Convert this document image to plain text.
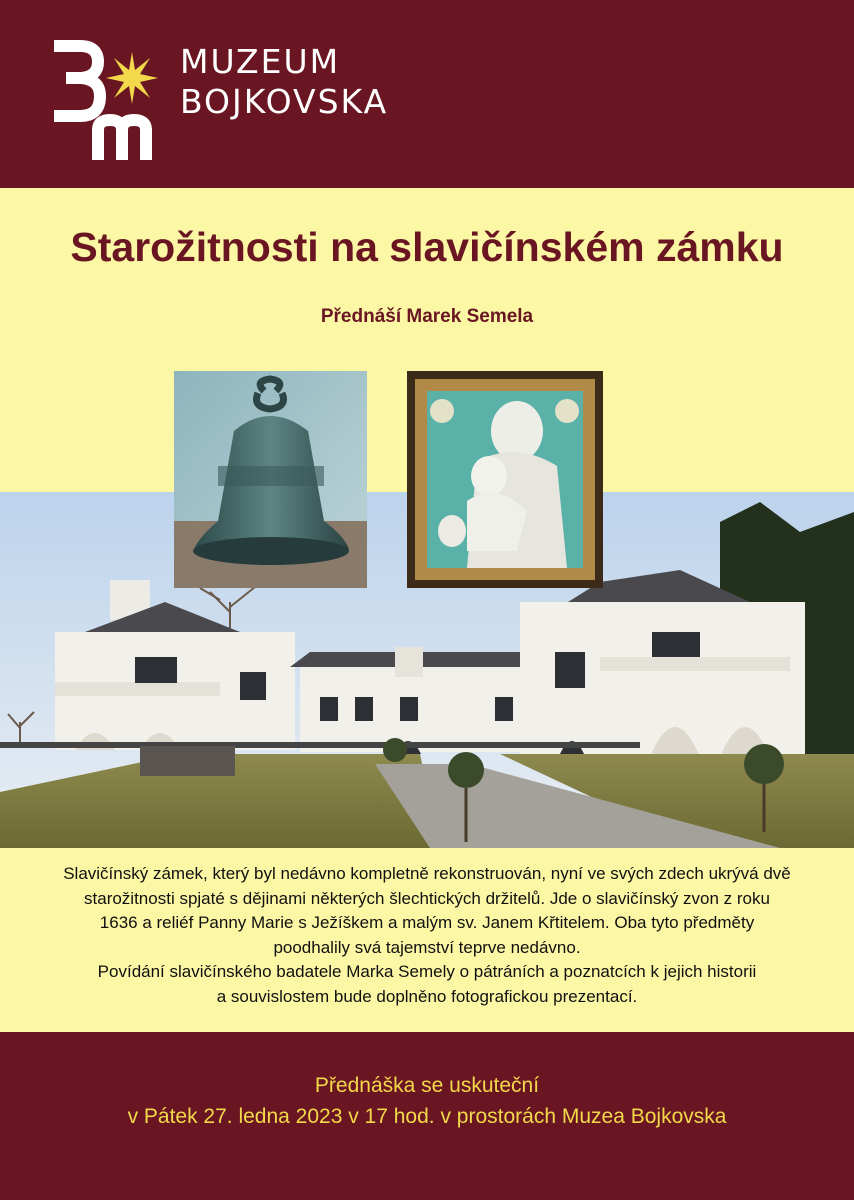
MUZEUM
BOJKOVSKA
Starožitnosti na slavičínském zámku
Přednáší Marek Semela
Slavičínský zámek, který byl nedávno kompletně rekonstruován, nyní ve svých zdech ukrývá dvě
starožitnosti spjaté s dějinami některých šlechtických držitelů. Jde o slavičínský zvon z roku
1636 a reliéf Panny Marie s Ježíškem a malým sv. Janem Křtitelem. Oba tyto předměty
poodhalily svá tajemství teprve nedávno.
Povídání slavičínského badatele Marka Semely o pátráních a poznatcích k jejich historii
a souvislostem bude doplněno fotografickou prezentací.
Přednáška se uskuteční
v Pátek 27. ledna 2023 v 17 hod. v prostorách Muzea Bojkovska
